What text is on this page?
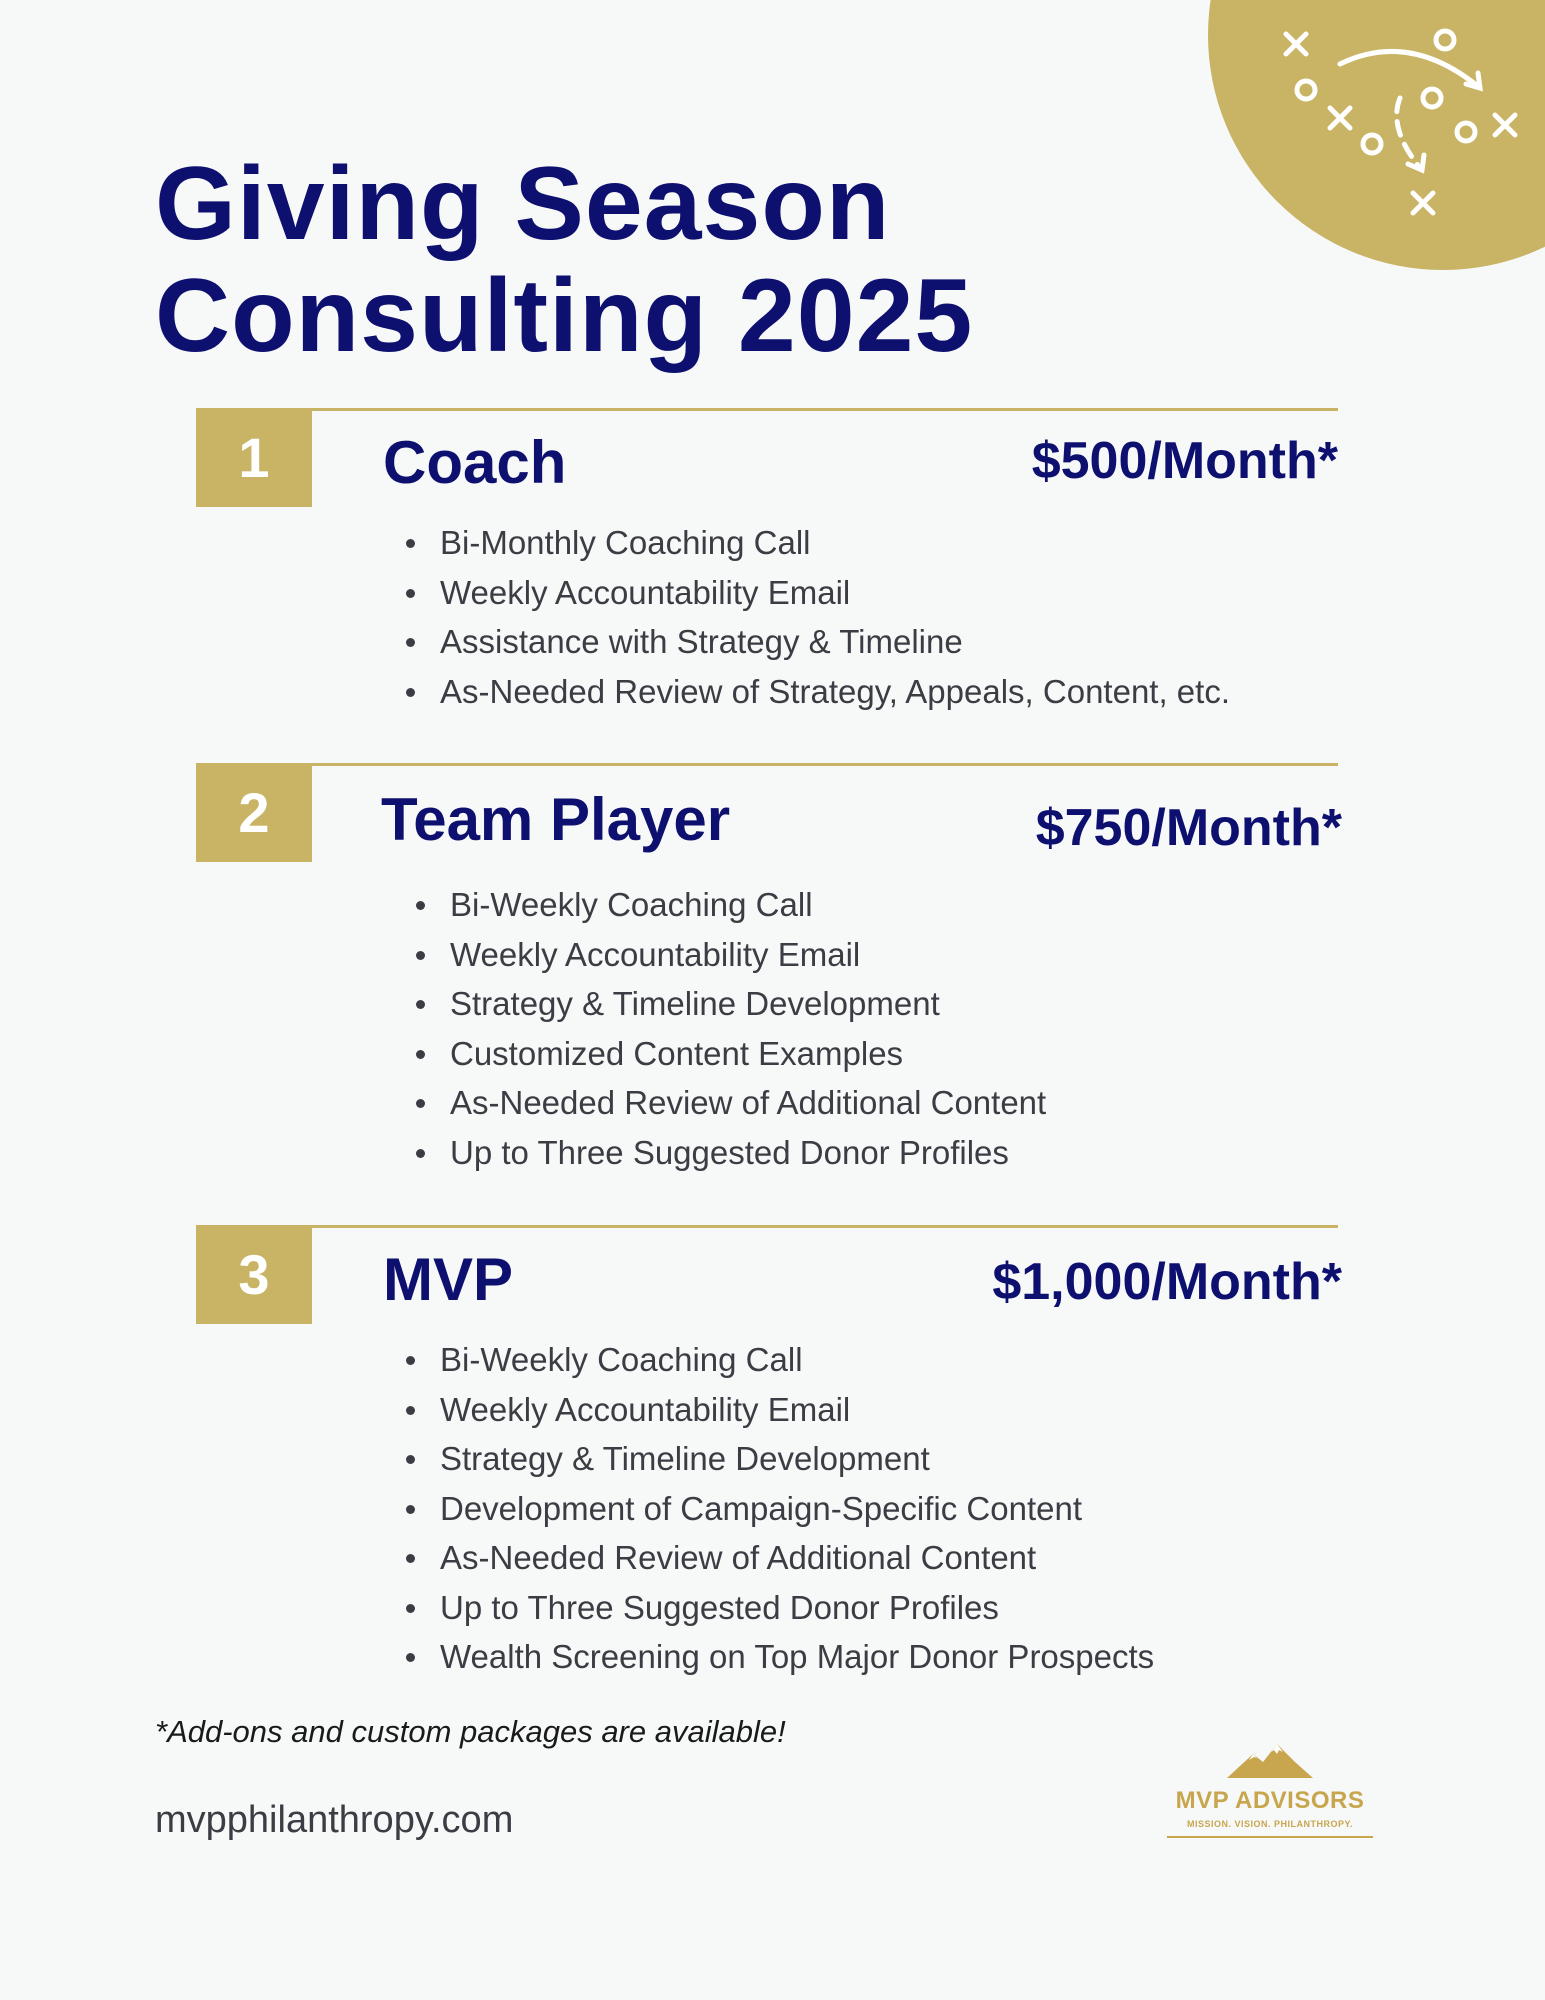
Giving Season
Consulting 2025
1	Coach	$500/Month*
Bi-Monthly Coaching Call
Weekly Accountability Email
Assistance with Strategy & Timeline
As-Needed Review of Strategy, Appeals, Content, etc.
2	Team Player	$750/Month*
Bi-Weekly Coaching Call
Weekly Accountability Email
Strategy & Timeline Development
Customized Content Examples
As-Needed Review of Additional Content
Up to Three Suggested Donor Profiles
3	MVP	$1,000/Month*
Bi-Weekly Coaching Call
Weekly Accountability Email
Strategy & Timeline Development
Development of Campaign-Specific Content
As-Needed Review of Additional Content
Up to Three Suggested Donor Profiles
Wealth Screening on Top Major Donor Prospects
*Add-ons and custom packages are available!
mvpphilanthropy.com	MVP ADVISORS
MISSION. VISION. PHILANTHROPY.
